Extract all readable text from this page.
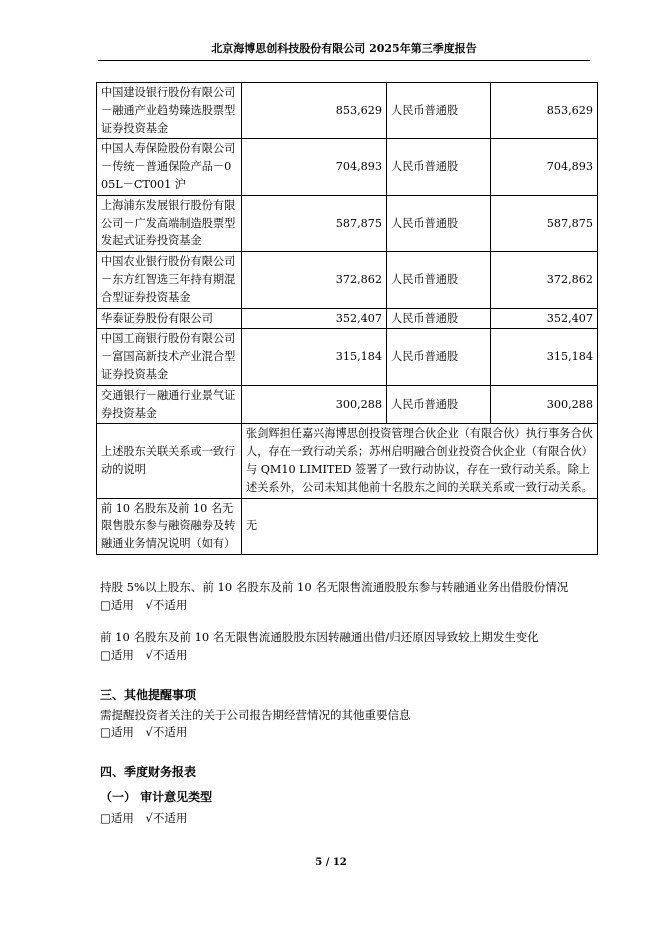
北京海博思创科技股份有限公司 2025年第三季度报告
中国建设银行股份有限公司－融通产业趋势臻选股票型证券投资基金	853,629	人民币普通股	853,629
中国人寿保险股份有限公司－传统－普通保险产品－005L－CT001 沪	704,893	人民币普通股	704,893
上海浦东发展银行股份有限公司－广发高端制造股票型发起式证券投资基金	587,875	人民币普通股	587,875
中国农业银行股份有限公司－东方红智选三年持有期混合型证券投资基金	372,862	人民币普通股	372,862
华泰证券股份有限公司	352,407	人民币普通股	352,407
中国工商银行股份有限公司－富国高新技术产业混合型证券投资基金	315,184	人民币普通股	315,184
交通银行－融通行业景气证券投资基金	300,288	人民币普通股	300,288
上述股东关联关系或一致行动的说明	张剑辉担任嘉兴海博思创投资管理合伙企业（有限合伙）执行事务合伙人，存在一致行动关系；苏州启明融合创业投资合伙企业（有限合伙）与 QM10 LIMITED 签署了一致行动协议，存在一致行动关系。除上述关系外，公司未知其他前十名股东之间的关联关系或一致行动关系。		
前 10 名股东及前 10 名无限售股东参与融资融券及转融通业务情况说明（如有）	无		
持股 5%以上股东、前 10 名股东及前 10 名无限售流通股股东参与转融通业务出借股份情况
□适用 √不适用
前 10 名股东及前 10 名无限售流通股股东因转融通出借/归还原因导致较上期发生变化
□适用 √不适用
三、其他提醒事项
需提醒投资者关注的关于公司报告期经营情况的其他重要信息
□适用 √不适用
四、季度财务报表
（一） 审计意见类型
□适用 √不适用
5 / 12
